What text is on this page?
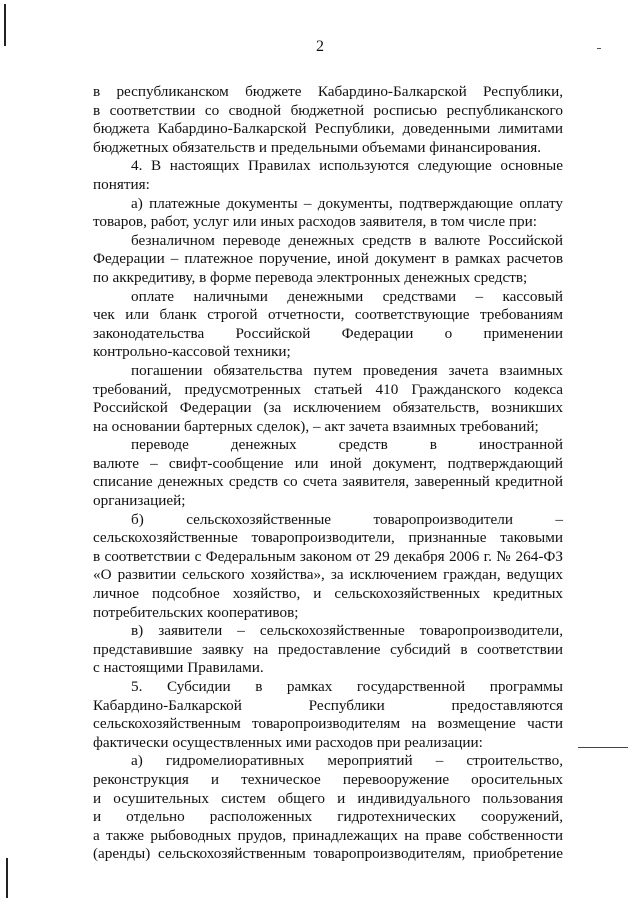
2

в республиканском бюджете Кабардино-Балкарской Республики,

в соответствии со сводной бюджетной росписью республиканского

бюджета Кабардино-Балкарской Республики, доведенными лимитами

бюджетных обязательств и предельными объемами финансирования.

4. В настоящих Правилах используются следующие основные

понятия:

а) платежные документы – документы, подтверждающие оплату

товаров, работ, услуг или иных расходов заявителя, в том числе при:

безналичном переводе денежных средств в валюте Российской

Федерации – платежное поручение, иной документ в рамках расчетов

по аккредитиву, в форме перевода электронных денежных средств;

оплате наличными денежными средствами – кассовый

чек или бланк строгой отчетности, соответствующие требованиям

законодательства Российской Федерации о применении

контрольно-кассовой техники;

погашении обязательства путем проведения зачета взаимных

требований, предусмотренных статьей 410 Гражданского кодекса

Российской Федерации (за исключением обязательств, возникших

на основании бартерных сделок), – акт зачета взаимных требований;

переводе денежных средств в иностранной

валюте – свифт-сообщение или иной документ, подтверждающий

списание денежных средств со счета заявителя, заверенный кредитной

организацией;

б) сельскохозяйственные товаропроизводители –

сельскохозяйственные товаропроизводители, признанные таковыми

в соответствии с Федеральным законом от 29 декабря 2006 г. № 264-ФЗ

«О развитии сельского хозяйства», за исключением граждан, ведущих

личное подсобное хозяйство, и сельскохозяйственных кредитных

потребительских кооперативов;

в) заявители – сельскохозяйственные товаропроизводители,

представившие заявку на предоставление субсидий в соответствии

с настоящими Правилами.

5. Субсидии в рамках государственной программы

Кабардино-Балкарской Республики предоставляются

сельскохозяйственным товаропроизводителям на возмещение части

фактически осуществленных ими расходов при реализации:

а) гидромелиоративных мероприятий – строительство,

реконструкция и техническое перевооружение оросительных

и осушительных систем общего и индивидуального пользования

и отдельно расположенных гидротехнических сооружений,

а также рыбоводных прудов, принадлежащих на праве собственности

(аренды) сельскохозяйственным товаропроизводителям, приобретение
